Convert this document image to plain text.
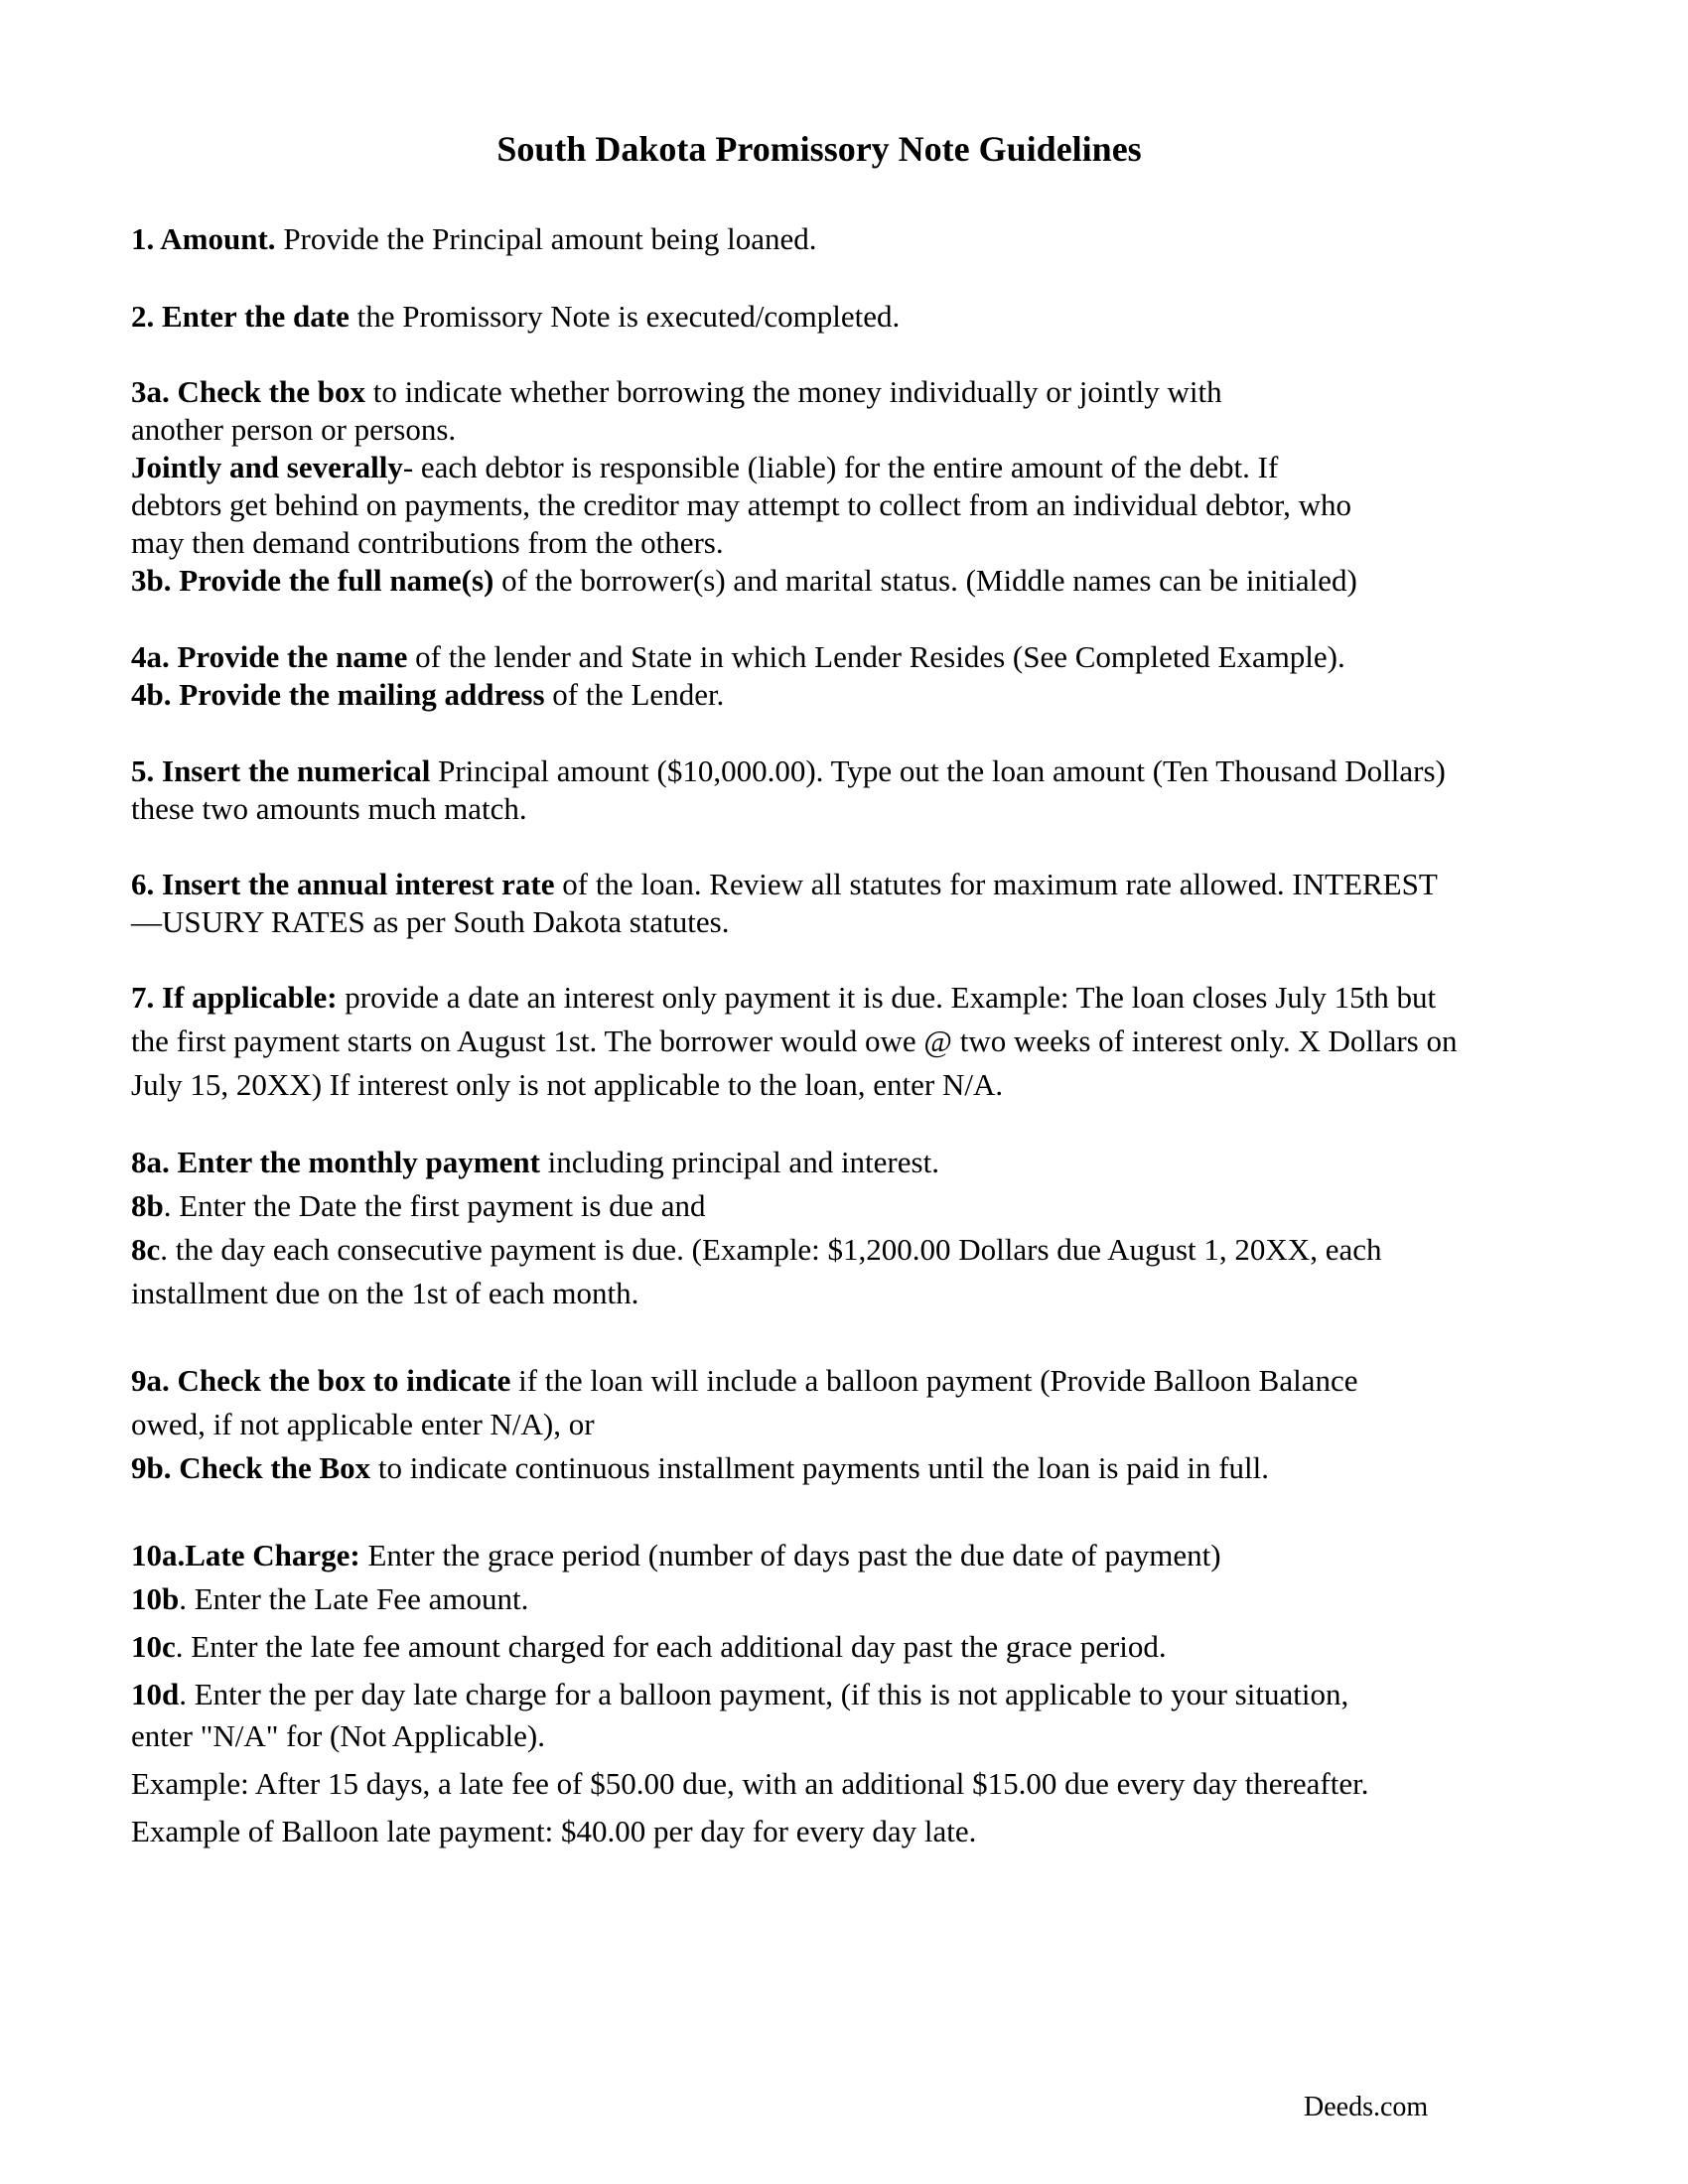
South Dakota Promissory Note Guidelines

1. Amount. Provide the Principal amount being loaned.

2. Enter the date the Promissory Note is executed/completed.

3a. Check the box to indicate whether borrowing the money individually or jointly with

another person or persons.

Jointly and severally- each debtor is responsible (liable) for the entire amount of the debt. If

debtors get behind on payments, the creditor may attempt to collect from an individual debtor, who

may then demand contributions from the others.

3b. Provide the full name(s) of the borrower(s) and marital status. (Middle names can be initialed)

4a. Provide the name of the lender and State in which Lender Resides (See Completed Example).

4b. Provide the mailing address of the Lender.

5. Insert the numerical Principal amount ($10,000.00). Type out the loan amount (Ten Thousand Dollars)

these two amounts much match.

6. Insert the annual interest rate of the loan. Review all statutes for maximum rate allowed. INTEREST

—USURY RATES as per South Dakota statutes.

7. If applicable: provide a date an interest only payment it is due. Example: The loan closes July 15th but

the first payment starts on August 1st. The borrower would owe @ two weeks of interest only. X Dollars on

July 15, 20XX) If interest only is not applicable to the loan, enter N/A.

8a. Enter the monthly payment including principal and interest.

8b. Enter the Date the first payment is due and

8c. the day each consecutive payment is due. (Example: $1,200.00 Dollars due August 1, 20XX, each

installment due on the 1st of each month.

9a. Check the box to indicate if the loan will include a balloon payment (Provide Balloon Balance

owed, if not applicable enter N/A), or

9b. Check the Box to indicate continuous installment payments until the loan is paid in full.

10a.Late Charge: Enter the grace period (number of days past the due date of payment)

10b. Enter the Late Fee amount.

10c. Enter the late fee amount charged for each additional day past the grace period.

10d. Enter the per day late charge for a balloon payment, (if this is not applicable to your situation,

enter "N/A" for (Not Applicable).

Example: After 15 days, a late fee of $50.00 due, with an additional $15.00 due every day thereafter.

Example of Balloon late payment: $40.00 per day for every day late.

Deeds.com
